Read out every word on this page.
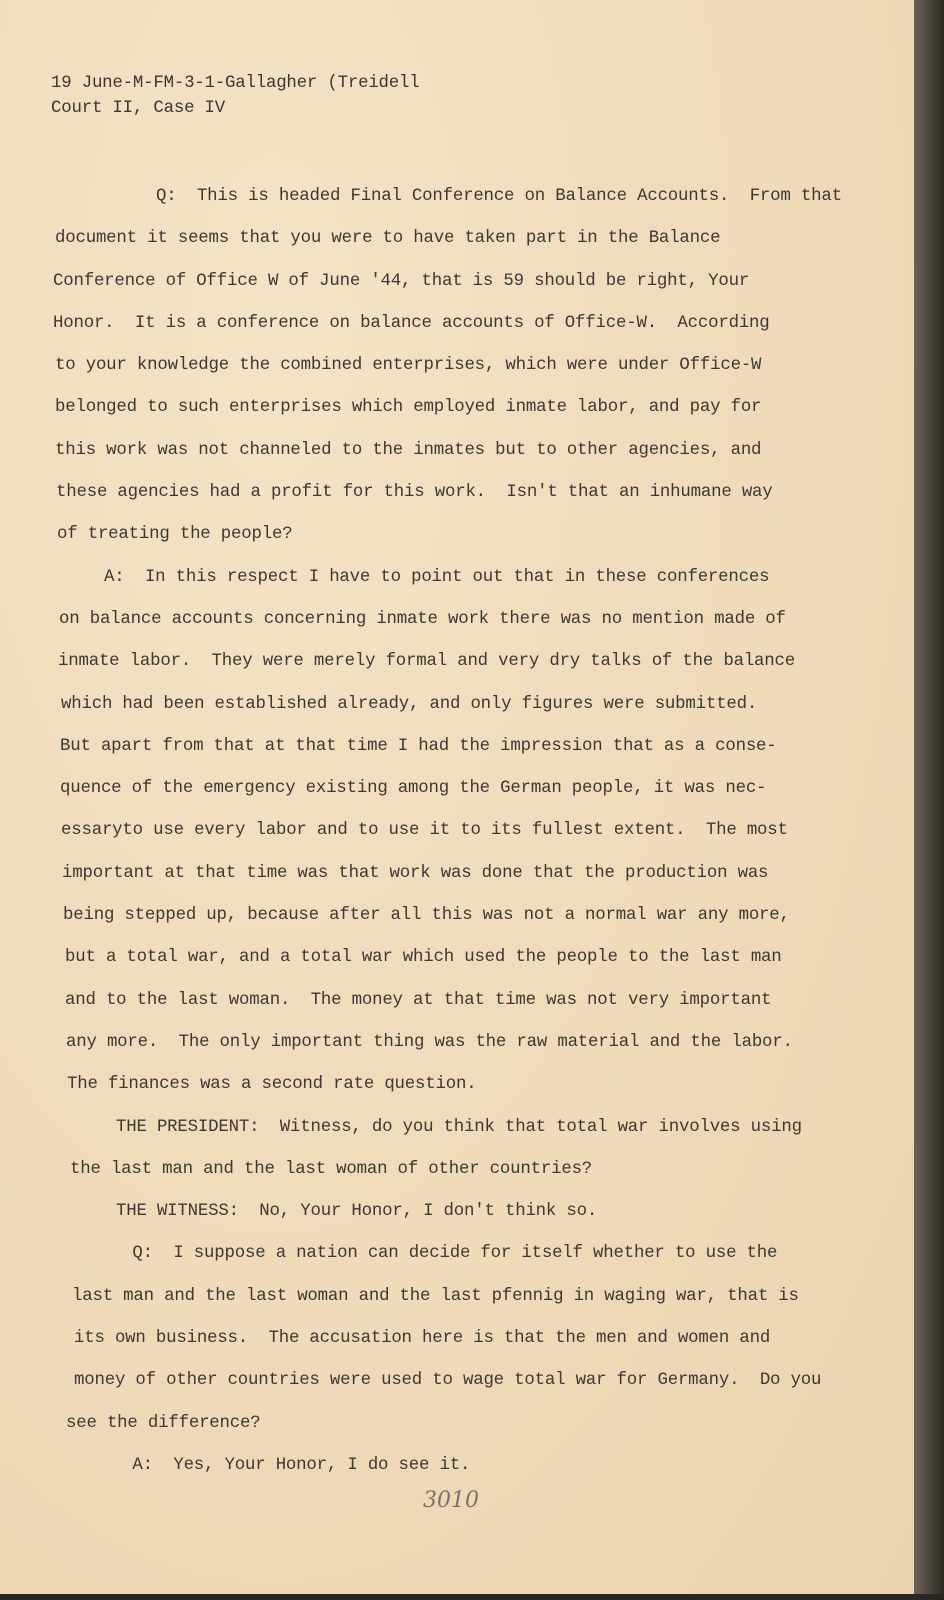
19 June-M-FM-3-1-Gallagher (Treidell
Court II, Case IV
Q:  This is headed Final Conference on Balance Accounts.  From that
document it seems that you were to have taken part in the Balance
Conference of Office W of June '44, that is 59 should be right, Your
Honor.  It is a conference on balance accounts of Office-W.  According
to your knowledge the combined enterprises, which were under Office-W
belonged to such enterprises which employed inmate labor, and pay for
this work was not channeled to the inmates but to other agencies, and
these agencies had a profit for this work.  Isn't that an inhumane way
of treating the people?
A:  In this respect I have to point out that in these conferences
on balance accounts concerning inmate work there was no mention made of
inmate labor.  They were merely formal and very dry talks of the balance
which had been established already, and only figures were submitted.
But apart from that at that time I had the impression that as a conse-
quence of the emergency existing among the German people, it was nec-
essaryto use every labor and to use it to its fullest extent.  The most
important at that time was that work was done that the production was
being stepped up, because after all this was not a normal war any more,
but a total war, and a total war which used the people to the last man
and to the last woman.  The money at that time was not very important
any more.  The only important thing was the raw material and the labor.
The finances was a second rate question.
THE PRESIDENT:  Witness, do you think that total war involves using
the last man and the last woman of other countries?
THE WITNESS:  No, Your Honor, I don't think so.
Q:  I suppose a nation can decide for itself whether to use the
last man and the last woman and the last pfennig in waging war, that is
its own business.  The accusation here is that the men and women and
money of other countries were used to wage total war for Germany.  Do you
see the difference?
A:  Yes, Your Honor, I do see it.
3010
